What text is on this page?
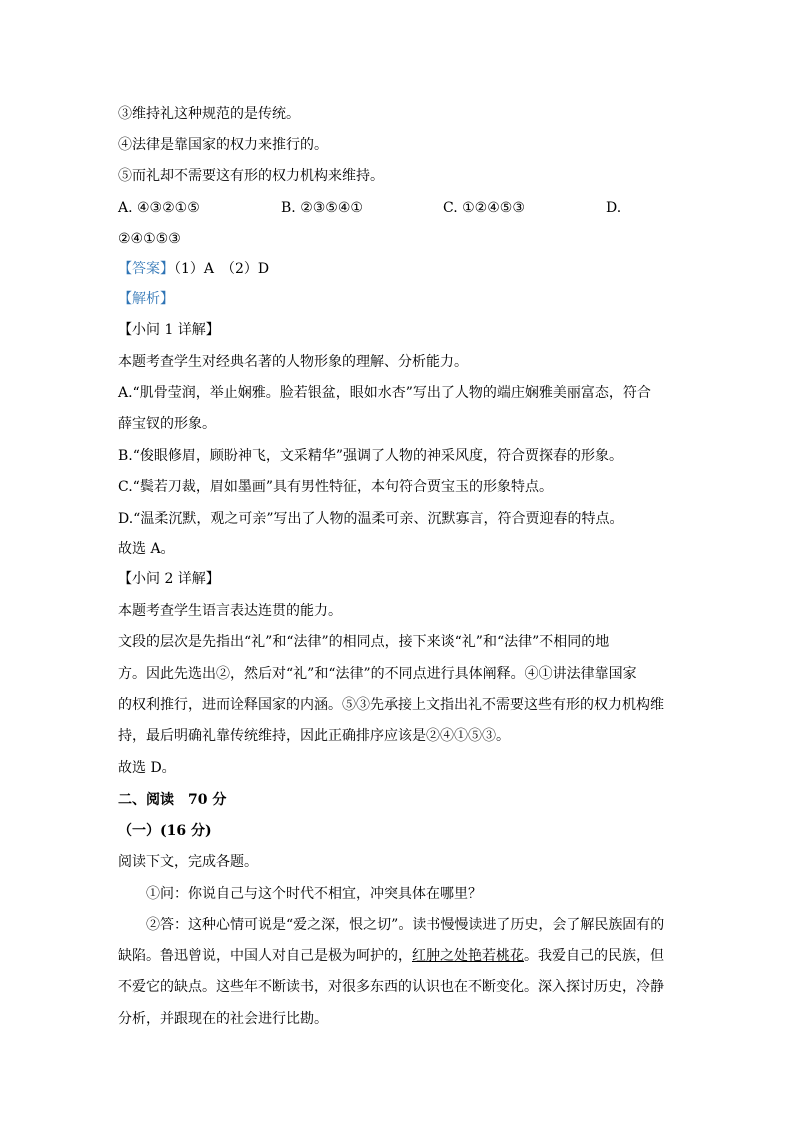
③维持礼这种规范的是传统。
④法律是靠国家的权力来推行的。
⑤而礼却不需要这有形的权力机构来维持。
A. ④③②①⑤	B. ②③⑤④①	C. ①②④⑤③	D.
②④①⑤③
【答案】（1）A　（2）D
【解析】
【小问 1 详解】
本题考查学生对经典名著的人物形象的理解、分析能力。
A.“肌骨莹润，举止娴雅。脸若银盆，眼如水杏”写出了人物的端庄娴雅美丽富态，符合
薛宝钗的形象。
B.“俊眼修眉，顾盼神飞，文采精华”强调了人物的神采风度，符合贾探春的形象。
C.“鬓若刀裁，眉如墨画”具有男性特征，本句符合贾宝玉的形象特点。
D.“温柔沉默，观之可亲”写出了人物的温柔可亲、沉默寡言，符合贾迎春的特点。
故选 A。
【小问 2 详解】
本题考查学生语言表达连贯的能力。
文段的层次是先指出“礼”和“法律”的相同点，接下来谈“礼”和“法律”不相同的地
方。因此先选出②，然后对“礼”和“法律”的不同点进行具体阐释。④①讲法律靠国家
的权利推行，进而诠释国家的内涵。⑤③先承接上文指出礼不需要这些有形的权力机构维
持，最后明确礼靠传统维持，因此正确排序应该是②④①⑤③。
故选 D。
二、阅读　70 分
（一）(16 分)
阅读下文，完成各题。
①问：你说自己与这个时代不相宜，冲突具体在哪里？
②答：这种心情可说是“爱之深，恨之切”。读书慢慢读进了历史，会了解民族固有的
缺陷。鲁迅曾说，中国人对自己是极为呵护的，红肿之处艳若桃花。我爱自己的民族，但
不爱它的缺点。这些年不断读书，对很多东西的认识也在不断变化。深入探讨历史，冷静
分析，并跟现在的社会进行比勘。
